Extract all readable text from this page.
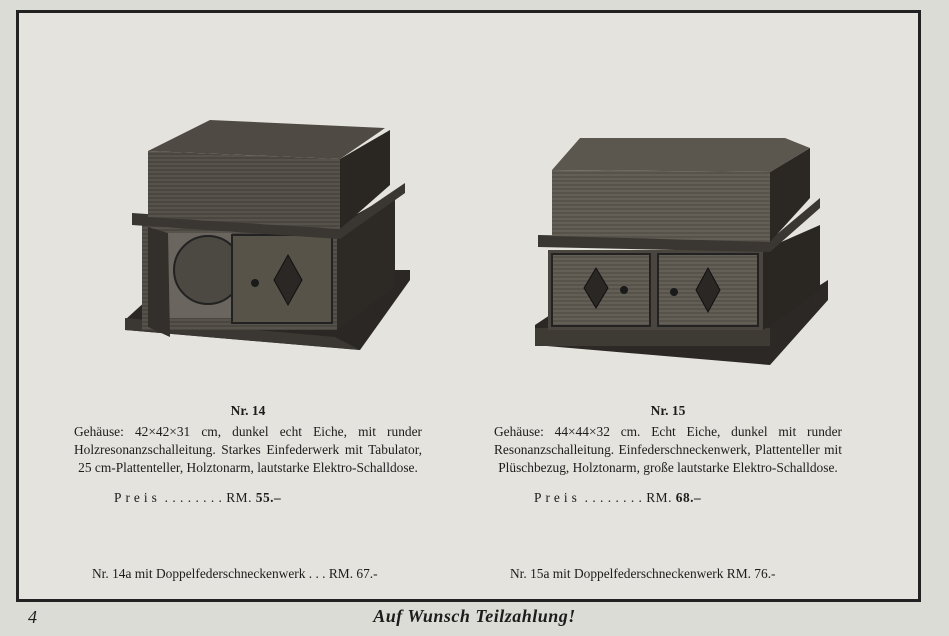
Nr. 14
Gehäuse: 42×42×31 cm, dunkel echt Eiche, mit runder Holzresonanzschalleitung. Starkes Einfederwerk mit Tabulator, 25 cm-Plattenteller, Holztonarm, lautstarke Elektro-Schalldose.
Preis . . . . . . . . RM. 55.–
Nr. 15
Gehäuse: 44×44×32 cm. Echt Eiche, dunkel mit runder Resonanzschalleitung. Einfederschneckenwerk, Plattenteller mit Plüschbezug, Holztonarm, große lautstarke Elektro-Schalldose.
Preis . . . . . . . . RM. 68.–
Nr. 14a mit Doppelfederschneckenwerk . . . RM. 67.-	Nr. 15a mit Doppelfederschneckenwerk RM. 76.-
4	Auf Wunsch Teilzahlung!
